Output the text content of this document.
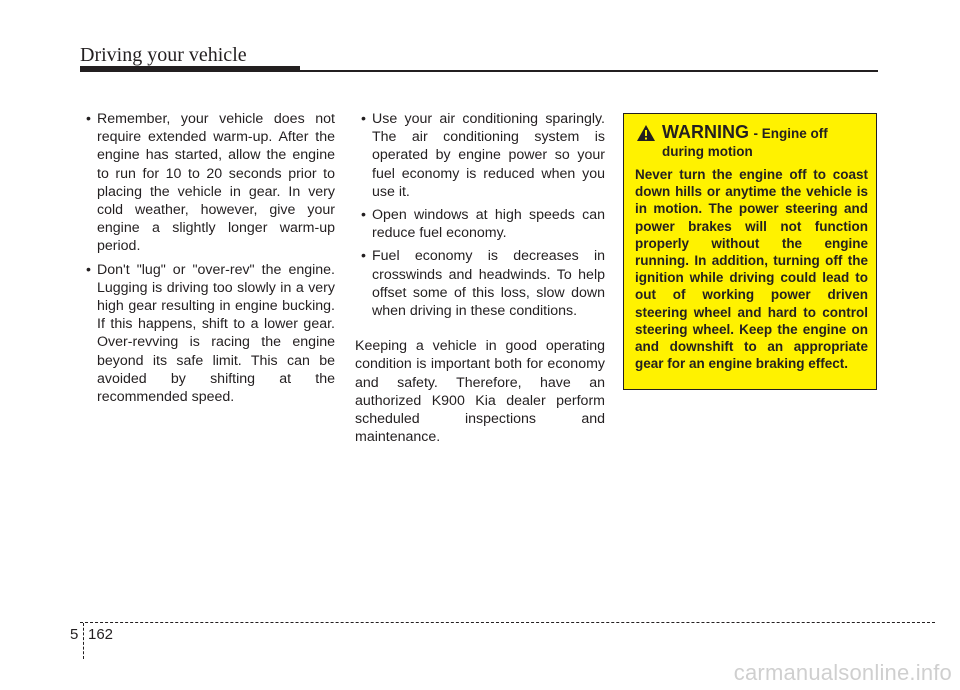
Driving your vehicle
• Remember, your vehicle does not require extended warm-up. After the engine has started, allow the engine to run for 10 to 20 seconds prior to placing the vehicle in gear. In very cold weather, however, give your engine a slightly longer warm-up period.
• Don't "lug" or "over-rev" the engine. Lugging is driving too slowly in a very high gear resulting in engine bucking. If this happens, shift to a lower gear. Over-revving is racing the engine beyond its safe limit. This can be avoided by shifting at the recommended speed.
• Use your air conditioning sparingly. The air conditioning system is operated by engine power so your fuel economy is reduced when you use it.
• Open windows at high speeds can reduce fuel economy.
• Fuel economy is decreases in crosswinds and headwinds. To help offset some of this loss, slow down when driving in these conditions.

Keeping a vehicle in good operating condition is important both for economy and safety. Therefore, have an authorized K900 Kia dealer perform scheduled inspections and maintenance.

WARNING - Engine off
during motion
Never turn the engine off to coast down hills or anytime the vehicle is in motion. The power steering and power brakes will not function properly without the engine running. In addition, turning off the ignition while driving could lead to out of working power driven steering wheel and hard to control steering wheel. Keep the engine on and downshift to an appropriate gear for an engine braking effect.
5 162
carmanualsonline.info
